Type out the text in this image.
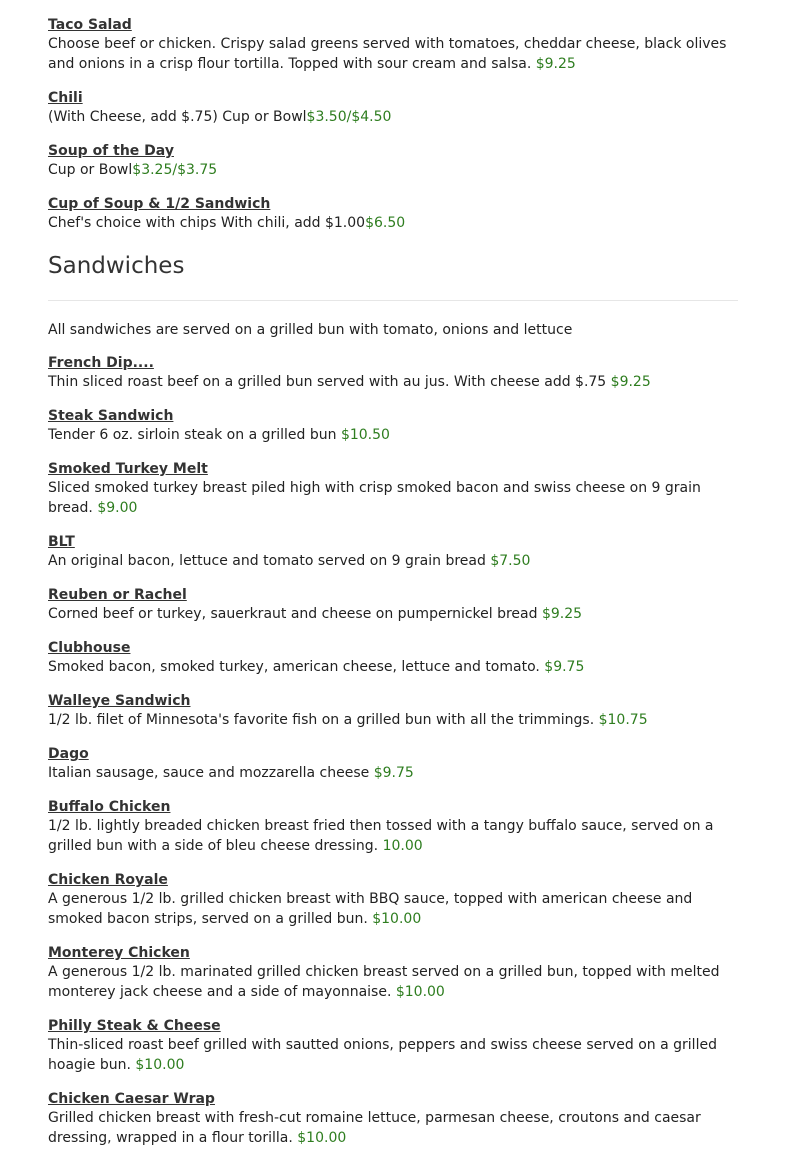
Taco Salad
Choose beef or chicken. Crispy salad greens served with tomatoes, cheddar cheese, black olives and onions in a crisp flour tortilla. Topped with sour cream and salsa. $9.25
Chili
(With Cheese, add $.75) Cup or Bowl$3.50/$4.50
Soup of the Day
Cup or Bowl$3.25/$3.75
Cup of Soup & 1/2 Sandwich
Chef's choice with chips With chili, add $1.00$6.50
Sandwiches
All sandwiches are served on a grilled bun with tomato, onions and lettuce
French Dip....
Thin sliced roast beef on a grilled bun served with au jus. With cheese add $.75 $9.25
Steak Sandwich
Tender 6 oz. sirloin steak on a grilled bun $10.50
Smoked Turkey Melt
Sliced smoked turkey breast piled high with crisp smoked bacon and swiss cheese on 9 grain bread. $9.00
BLT
An original bacon, lettuce and tomato served on 9 grain bread $7.50
Reuben or Rachel
Corned beef or turkey, sauerkraut and cheese on pumpernickel bread $9.25
Clubhouse
Smoked bacon, smoked turkey, american cheese, lettuce and tomato. $9.75
Walleye Sandwich
1/2 lb. filet of Minnesota's favorite fish on a grilled bun with all the trimmings. $10.75
Dago
Italian sausage, sauce and mozzarella cheese $9.75
Buffalo Chicken
1/2 lb. lightly breaded chicken breast fried then tossed with a tangy buffalo sauce, served on a grilled bun with a side of bleu cheese dressing. 10.00
Chicken Royale
A generous 1/2 lb. grilled chicken breast with BBQ sauce, topped with american cheese and smoked bacon strips, served on a grilled bun. $10.00
Monterey Chicken
A generous 1/2 lb. marinated grilled chicken breast served on a grilled bun, topped with melted monterey jack cheese and a side of mayonnaise. $10.00
Philly Steak & Cheese
Thin-sliced roast beef grilled with sautted onions, peppers and swiss cheese served on a grilled hoagie bun. $10.00
Chicken Caesar Wrap
Grilled chicken breast with fresh-cut romaine lettuce, parmesan cheese, croutons and caesar dressing, wrapped in a flour torilla. $10.00
